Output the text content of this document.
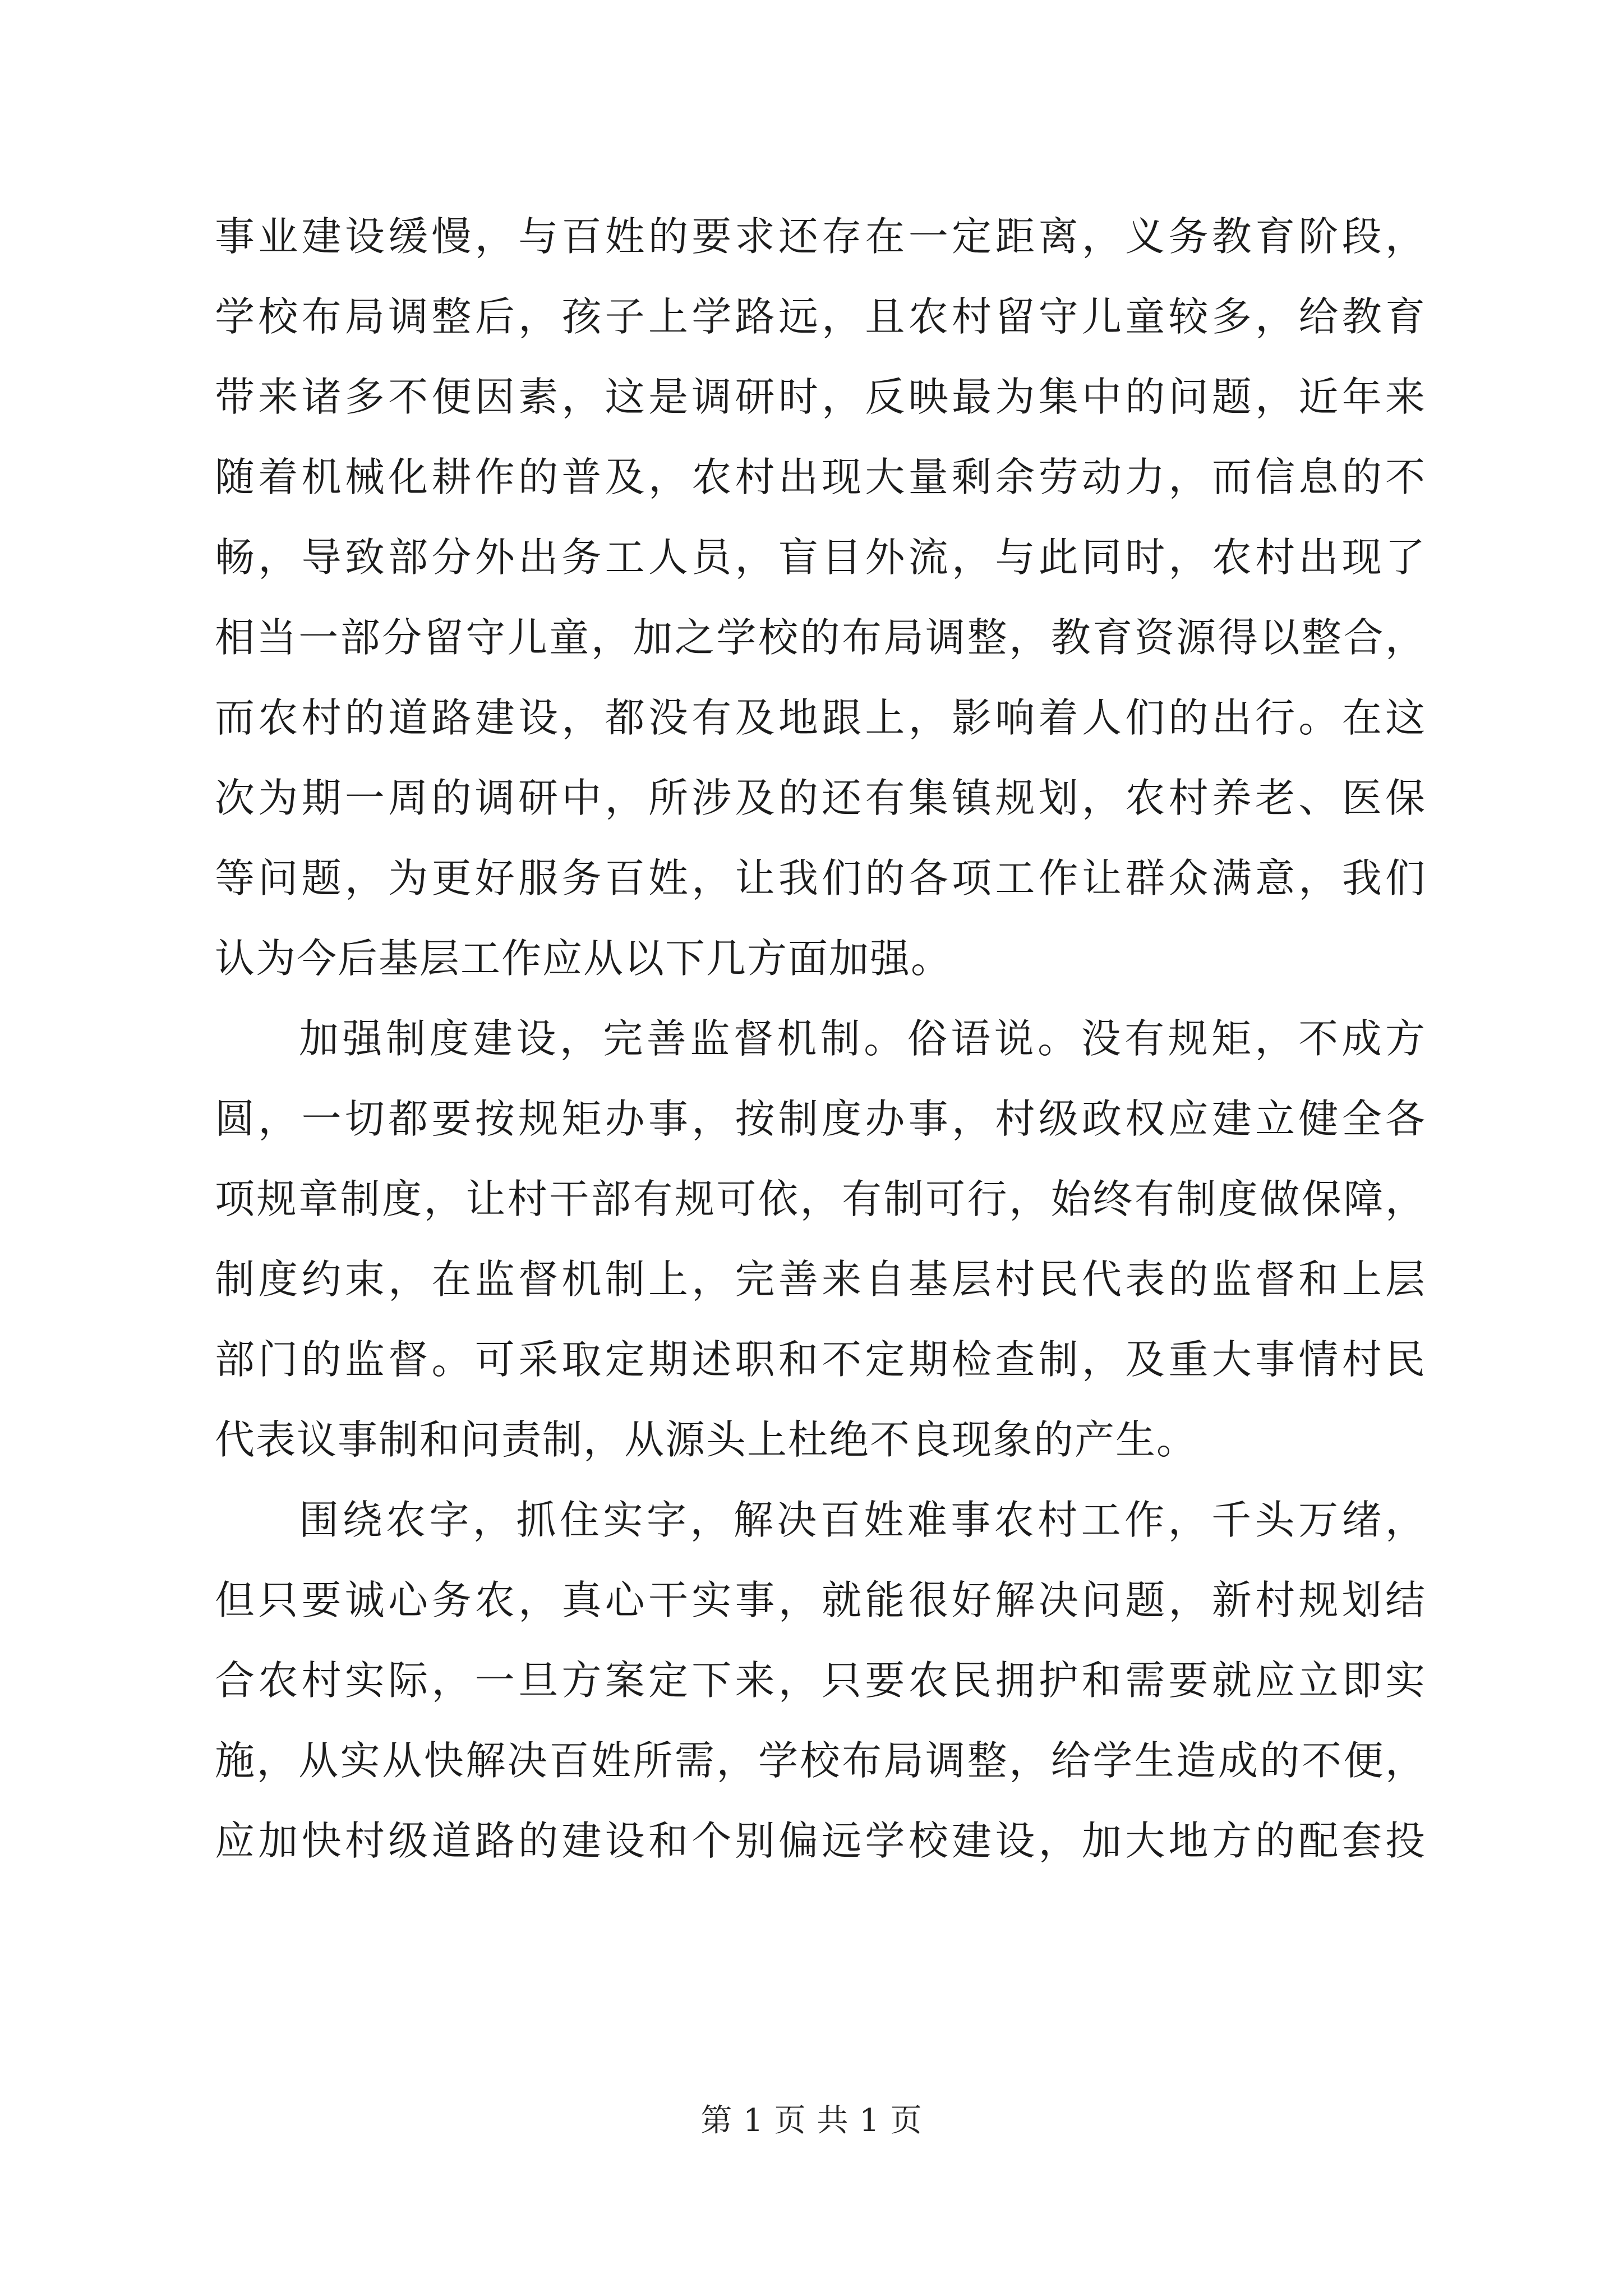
事业建设缓慢，与百姓的要求还存在一定距离，义务教育阶段，
学校布局调整后，孩子上学路远，且农村留守儿童较多，给教育
带来诸多不便因素，这是调研时，反映最为集中的问题，近年来
随着机械化耕作的普及，农村出现大量剩余劳动力，而信息的不
畅，导致部分外出务工人员，盲目外流，与此同时，农村出现了
相当一部分留守儿童，加之学校的布局调整，教育资源得以整合，
而农村的道路建设，都没有及地跟上，影响着人们的出行。在这
次为期一周的调研中，所涉及的还有集镇规划，农村养老、医保
等问题，为更好服务百姓，让我们的各项工作让群众满意，我们
认为今后基层工作应从以下几方面加强。
加强制度建设，完善监督机制。俗语说。没有规矩，不成方
圆，一切都要按规矩办事，按制度办事，村级政权应建立健全各
项规章制度，让村干部有规可依，有制可行，始终有制度做保障，
制度约束，在监督机制上，完善来自基层村民代表的监督和上层
部门的监督。可采取定期述职和不定期检查制，及重大事情村民
代表议事制和问责制，从源头上杜绝不良现象的产生。
围绕农字，抓住实字，解决百姓难事农村工作，千头万绪，
但只要诚心务农，真心干实事，就能很好解决问题，新村规划结
合农村实际，一旦方案定下来，只要农民拥护和需要就应立即实
施，从实从快解决百姓所需，学校布局调整，给学生造成的不便，
应加快村级道路的建设和个别偏远学校建设，加大地方的配套投
第 1 页 共 1 页
